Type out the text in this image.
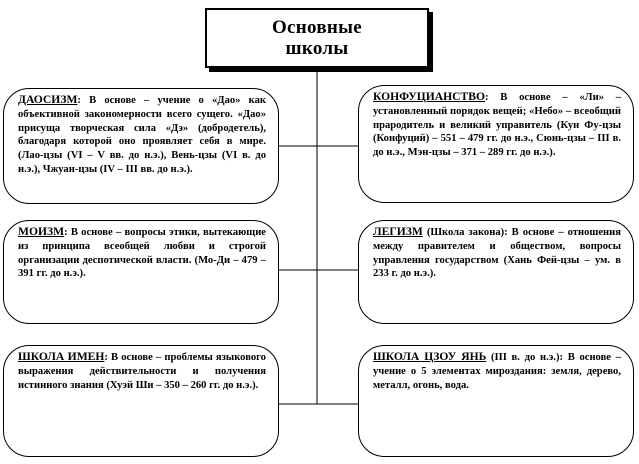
Основные школы
ДАОСИЗМ: В основе – учение о «Дао» как объективной закономерности всего сущего. «Дао» присуща творческая сила «Дэ» (добродетель), благодаря которой оно проявляет себя в мире. (Лао-цзы (VI – V вв. до н.э.), Вень-цзы (VI в. до н.э.), Чжуан-цзы (IV – III вв. до н.э.).
КОНФУЦИАНСТВО: В основе – «Ли» – установленный порядок вещей; «Небо» – всеобщий прародитель и великий управитель (Кун Фу-цзы (Конфуций) – 551 – 479 гг. до н.э., Сюнь-цзы – III в. до н.э., Мэн-цзы – 371 – 289 гг. до н.э.).
МОИЗМ: В основе – вопросы этики, вытекающие из принципа всеобщей любви и строгой организации деспотической власти. (Мо-Ди – 479 – 391 гг. до н.э.).
ЛЕГИЗМ (Школа закона): В основе – отношения между правителем и обществом, вопросы управления государством (Хань Фей-цзы – ум. в 233 г. до н.э.).
ШКОЛА ИМЕН: В основе – проблемы языкового выражения действительности и получения истинного знания (Хуэй Ши – 350 – 260 гг. до н.э.).
ШКОЛА ЦЗОУ ЯНЬ (III в. до н.э.): В основе – учение о 5 элементах мироздания: земля, дерево, металл, огонь, вода.
